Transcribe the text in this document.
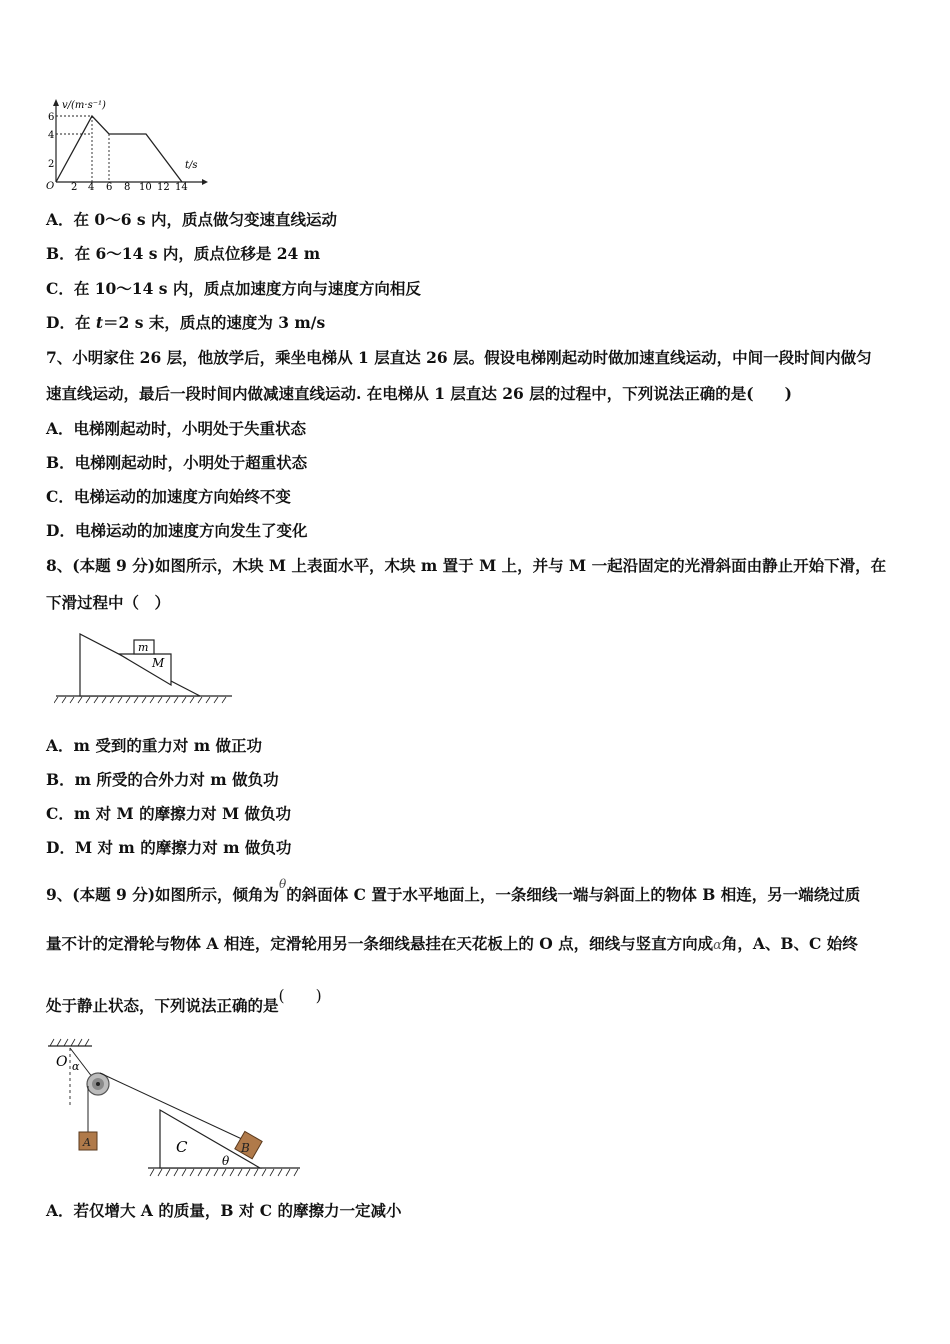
v/(m·s⁻¹)
t/s
O
2
4
6
2 4 6 8 10 12 14
A．在 0～6 s 内，质点做匀变速直线运动
B．在 6～14 s 内，质点位移是 24 m
C．在 10～14 s 内，质点加速度方向与速度方向相反
D．在 t＝2 s 末，质点的速度为 3 m/s
7、小明家住 26 层，他放学后，乘坐电梯从 1 层直达 26 层。假设电梯刚起动时做加速直线运动，中间一段时间内做匀
速直线运动，最后一段时间内做减速直线运动. 在电梯从 1 层直达 26 层的过程中，下列说法正确的是(　　)
A．电梯刚起动时，小明处于失重状态
B．电梯刚起动时，小明处于超重状态
C．电梯运动的加速度方向始终不变
D．电梯运动的加速度方向发生了变化
8、(本题 9 分)如图所示，木块 M 上表面水平，木块 m 置于 M 上，并与 M 一起沿固定的光滑斜面由静止开始下滑，在
下滑过程中（　）
m
M
A．m 受到的重力对 m 做正功
B．m 所受的合外力对 m 做负功
C．m 对 M 的摩擦力对 M 做负功
D．M 对 m 的摩擦力对 m 做负功
9、(本题 9 分)如图所示，倾角为$^\theta$的斜面体 C 置于水平地面上，一条细线一端与斜面上的物体 B 相连，另一端绕过质
量不计的定滑轮与物体 A 相连，定滑轮用另一条细线悬挂在天花板上的 O 点，细线与竖直方向成α角，A、B、C 始终
处于静止状态，下列说法正确的是(　　)
O α
A	C
θ
B
A．若仅增大 A 的质量，B 对 C 的摩擦力一定减小
